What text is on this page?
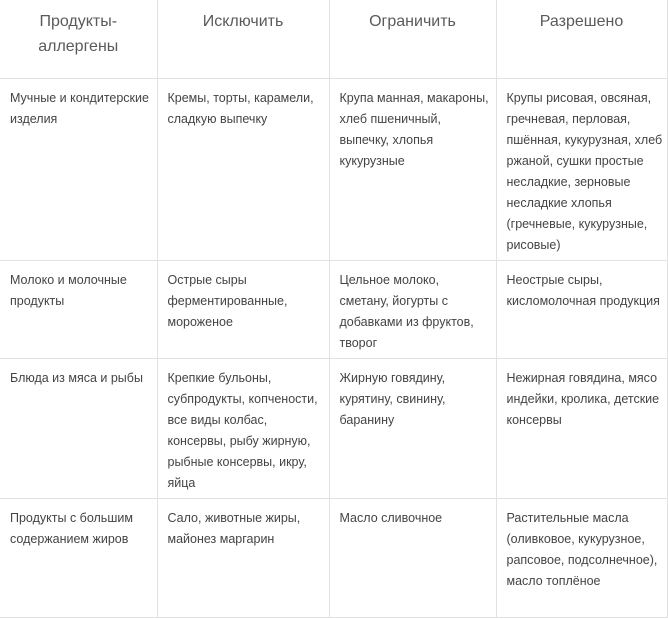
Продукты-аллергены	Исключить	Ограничить	Разрешено

Мучные и кондитерские изделия	Кремы, торты, карамели, сладкую выпечку	Крупа манная, макароны, хлеб пшеничный, выпечку, хлопья кукурузные	Крупы рисовая, овсяная, гречневая, перловая, пшённая, кукурузная, хлеб ржаной, сушки простые несладкие, зерновые несладкие хлопья (гречневые, кукурузные, рисовые)

Молоко и молочные продукты	Острые сыры ферментированные, мороженое	Цельное молоко, сметану, йогурты с добавками из фруктов, творог	Неострые сыры, кисломолочная продукция

Блюда из мяса и рыбы	Крепкие бульоны, субпродукты, копчености, все виды колбас, консервы, рыбу жирную, рыбные консервы, икру, яйца	Жирную говядину, курятину, свинину, баранину	Нежирная говядина, мясо индейки, кролика, детские консервы

Продукты с большим содержанием жиров	Сало, животные жиры, майонез маргарин	Масло сливочное	Растительные масла (оливковое, кукурузное, рапсовое, подсолнечное), масло топлёное
